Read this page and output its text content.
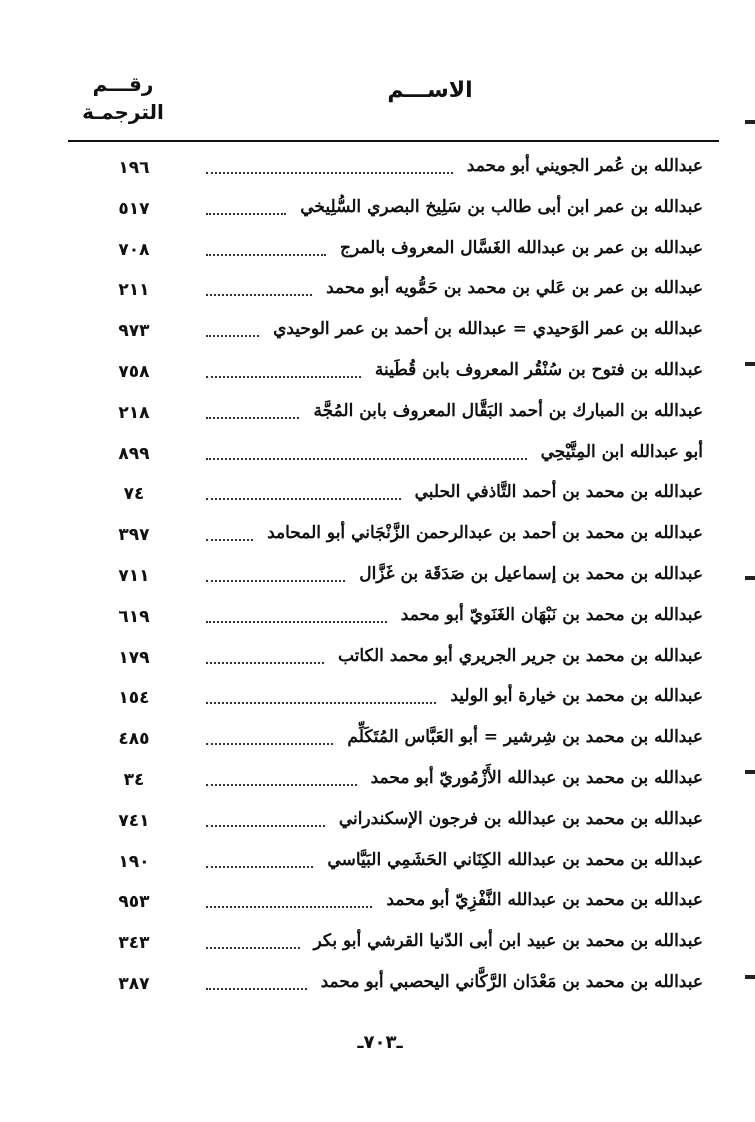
الاســـم
رقـــم
الترجمـة
عبدالله بن عُمر الجويني أبو محمد
١٩٦
عبدالله بن عمر ابن أبى طالب بن سَلِيخ البصري السُّلِيخي
٥١٧
عبدالله بن عمر بن عبدالله الغَسَّال المعروف بالمرج
٧٠٨
عبدالله بن عمر بن عَلي بن محمد بن حَمُّويه أبو محمد
٢١١
عبدالله بن عمر الوَحيدي = عبدالله بن أحمد بن عمر الوحيدي
٩٧٣
عبدالله بن فتوح بن سُنْقُر المعروف بابن قُطَينة
٧٥٨
عبدالله بن المبارك بن أحمد البَقَّال المعروف بابن المُجَّة
٢١٨
أبو عبدالله ابن المِتَّيْحِي
٨٩٩
عبدالله بن محمد بن أحمد التَّاذفي الحلبي
٧٤
عبدالله بن محمد بن أحمد بن عبدالرحمن الزَّنْجَاني أبو المحامد
٣٩٧
عبدالله بن محمد بن إسماعيل بن صَدَقَة بن غَزَّال
٧١١
عبدالله بن محمد بن نَبْهَان الغَنَويّ أبو محمد
٦١٩
عبدالله بن محمد بن جرير الجريري أبو محمد الكاتب
١٧٩
عبدالله بن محمد بن خيارة أبو الوليد
١٥٤
عبدالله بن محمد بن شِرشير = أبو العَبَّاس المُتَكَلِّم
٤٨٥
عبدالله بن محمد بن عبدالله الأَزْمُوريّ أبو محمد
٣٤
عبدالله بن محمد بن عبدالله بن فرجون الإسكندراني
٧٤١
عبدالله بن محمد بن عبدالله الكِنَاني الحَشَمِي البَيَّاسي
١٩٠
عبدالله بن محمد بن عبدالله النَّفْزِيّ أبو محمد
٩٥٣
عبدالله بن محمد بن عبيد ابن أبى الدّنيا القرشي أبو بكر
٣٤٣
عبدالله بن محمد بن مَعْدَان الرَّكَّاني اليحصبي أبو محمد
٣٨٧
ـ٧٠٣ـ
